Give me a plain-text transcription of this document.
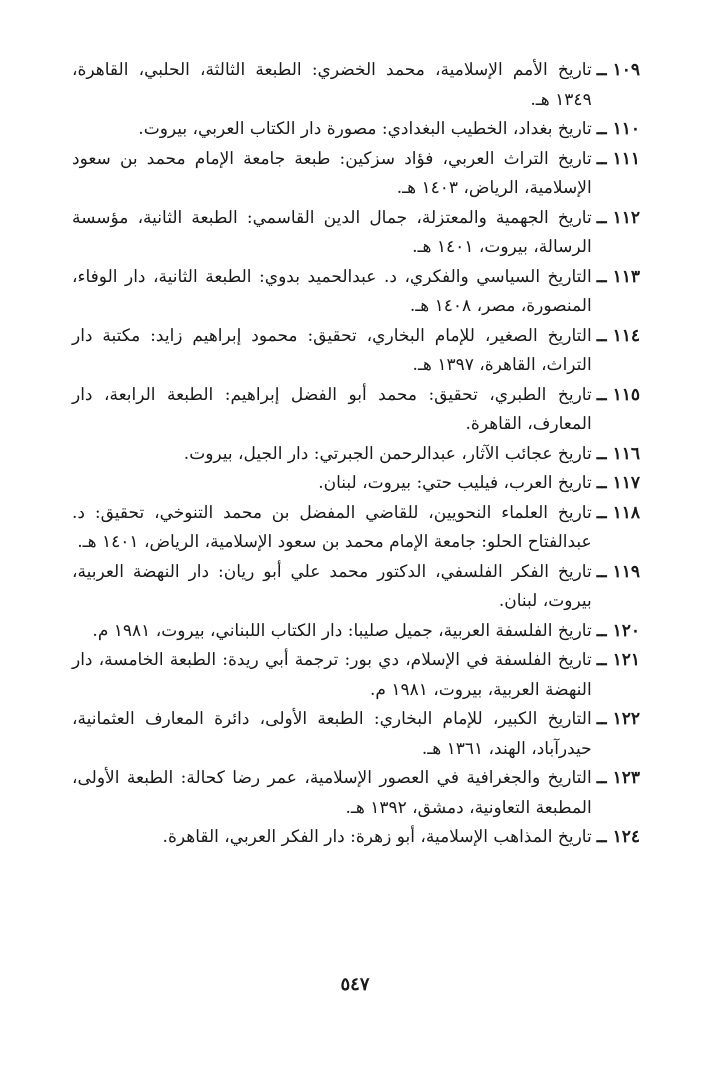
١٠٩ ــ
تاريخ الأمم الإسلامية، محمد الخضري: الطبعة الثالثة، الحلبي، القاهرة، ١٣٤٩ هـ.
١١٠ ــ
تاريخ بغداد، الخطيب البغدادي: مصورة دار الكتاب العربي، بيروت.
١١١ ــ
تاريخ التراث العربي، فؤاد سزكين: طبعة جامعة الإمام محمد بن سعود الإسلامية، الرياض، ١٤٠٣ هـ.
١١٢ ــ
تاريخ الجهمية والمعتزلة، جمال الدين القاسمي: الطبعة الثانية، مؤسسة الرسالة، بيروت، ١٤٠١ هـ.
١١٣ ــ
التاريخ السياسي والفكري، د. عبدالحميد بدوي: الطبعة الثانية، دار الوفاء، المنصورة، مصر، ١٤٠٨ هـ.
١١٤ ــ
التاريخ الصغير، للإمام البخاري، تحقيق: محمود إبراهيم زايد: مكتبة دار التراث، القاهرة، ١٣٩٧ هـ.
١١٥ ــ
تاريخ الطبري، تحقيق: محمد أبو الفضل إبراهيم: الطبعة الرابعة، دار المعارف، القاهرة.
١١٦ ــ
تاريخ عجائب الآثار، عبدالرحمن الجبرتي: دار الجيل، بيروت.
١١٧ ــ
تاريخ العرب، فيليب حتي: بيروت، لبنان.
١١٨ ــ
تاريخ العلماء النحويين، للقاضي المفضل بن محمد التنوخي، تحقيق: د. عبدالفتاح الحلو: جامعة الإمام محمد بن سعود الإسلامية، الرياض، ١٤٠١ هـ.
١١٩ ــ
تاريخ الفكر الفلسفي، الدكتور محمد علي أبو ريان: دار النهضة العربية، بيروت، لبنان.
١٢٠ ــ
تاريخ الفلسفة العربية، جميل صليبا: دار الكتاب اللبناني، بيروت، ١٩٨١ م.
١٢١ ــ
تاريخ الفلسفة في الإسلام، دي بور: ترجمة أبي ريدة: الطبعة الخامسة، دار النهضة العربية، بيروت، ١٩٨١ م.
١٢٢ ــ
التاريخ الكبير، للإمام البخاري: الطبعة الأولى، دائرة المعارف العثمانية، حيدرآباد، الهند، ١٣٦١ هـ.
١٢٣ ــ
التاريخ والجغرافية في العصور الإسلامية، عمر رضا كحالة: الطبعة الأولى، المطبعة التعاونية، دمشق، ١٣٩٢ هـ.
١٢٤ ــ
تاريخ المذاهب الإسلامية، أبو زهرة: دار الفكر العربي، القاهرة.
٥٤٧
